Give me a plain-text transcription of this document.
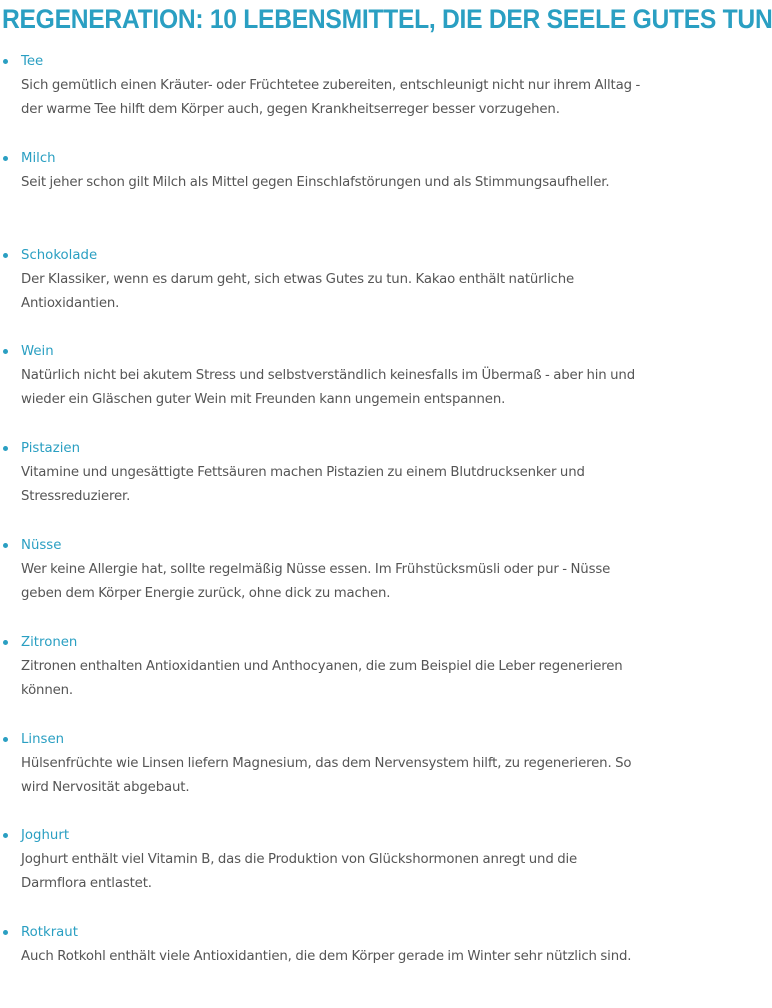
REGENERATION: 10 LEBENSMITTEL, DIE DER SEELE GUTES TUN
Tee
Sich gemütlich einen Kräuter- oder Früchtetee zubereiten, entschleunigt nicht nur ihrem Alltag - der warme Tee hilft dem Körper auch, gegen Krankheitserreger besser vorzugehen.
Milch
Seit jeher schon gilt Milch als Mittel gegen Einschlafstörungen und als Stimmungsaufheller.
Schokolade
Der Klassiker, wenn es darum geht, sich etwas Gutes zu tun. Kakao enthält natürliche Antioxidantien.
Wein
Natürlich nicht bei akutem Stress und selbstverständlich keinesfalls im Übermaß - aber hin und wieder ein Gläschen guter Wein mit Freunden kann ungemein entspannen.
Pistazien
Vitamine und ungesättigte Fettsäuren machen Pistazien zu einem Blutdrucksenker und Stressreduzierer.
Nüsse
Wer keine Allergie hat, sollte regelmäßig Nüsse essen. Im Frühstücksmüsli oder pur - Nüsse geben dem Körper Energie zurück, ohne dick zu machen.
Zitronen
Zitronen enthalten Antioxidantien und Anthocyanen, die zum Beispiel die Leber regenerieren können.
Linsen
Hülsenfrüchte wie Linsen liefern Magnesium, das dem Nervensystem hilft, zu regenerieren. So wird Nervosität abgebaut.
Joghurt
Joghurt enthält viel Vitamin B, das die Produktion von Glückshormonen anregt und die Darmflora entlastet.
Rotkraut
Auch Rotkohl enthält viele Antioxidantien, die dem Körper gerade im Winter sehr nützlich sind.
